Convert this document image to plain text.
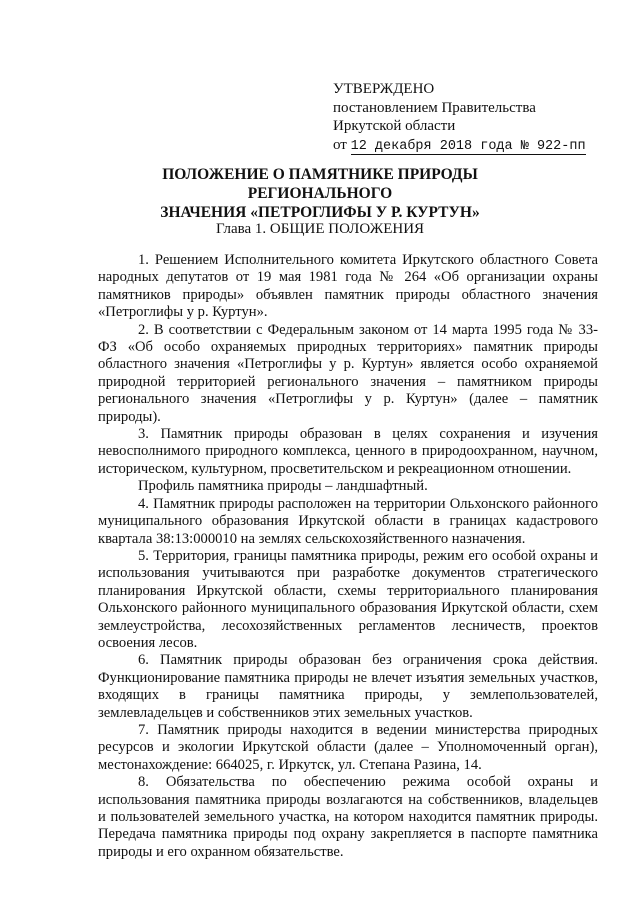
УТВЕРЖДЕНО
постановлением Правительства
Иркутской области
от 12 декабря 2018 года № 922-пп
ПОЛОЖЕНИЕ О ПАМЯТНИКЕ ПРИРОДЫ РЕГИОНАЛЬНОГО
ЗНАЧЕНИЯ «ПЕТРОГЛИФЫ У Р. КУРТУН»
Глава 1. ОБЩИЕ ПОЛОЖЕНИЯ

1. Решением Исполнительного комитета Иркутского областного Совета народных депутатов от 19 мая 1981 года № 264 «Об организации охраны памятников природы» объявлен памятник природы областного значения «Петроглифы у р. Куртун».

2. В соответствии с Федеральным законом от 14 марта 1995 года № 33-ФЗ «Об особо охраняемых природных территориях» памятник природы областного значения «Петроглифы у р. Куртун» является особо охраняемой природной территорией регионального значения – памятником природы регионального значения «Петроглифы у р. Куртун» (далее – памятник природы).

3. Памятник природы образован в целях сохранения и изучения невосполнимого природного комплекса, ценного в природоохранном, научном, историческом, культурном, просветительском и рекреационном отношении.

Профиль памятника природы – ландшафтный.

4. Памятник природы расположен на территории Ольхонского районного муниципального образования Иркутской области в границах кадастрового квартала 38:13:000010 на землях сельскохозяйственного назначения.

5. Территория, границы памятника природы, режим его особой охраны и использования учитываются при разработке документов стратегического планирования Иркутской области, схемы территориального планирования Ольхонского районного муниципального образования Иркутской области, схем землеустройства, лесохозяйственных регламентов лесничеств, проектов освоения лесов.

6. Памятник природы образован без ограничения срока действия. Функционирование памятника природы не влечет изъятия земельных участков, входящих в границы памятника природы, у землепользователей, землевладельцев и собственников этих земельных участков.

7. Памятник природы находится в ведении министерства природных ресурсов и экологии Иркутской области (далее – Уполномоченный орган), местонахождение: 664025, г. Иркутск, ул. Степана Разина, 14.

8. Обязательства по обеспечению режима особой охраны и использования памятника природы возлагаются на собственников, владельцев и пользователей земельного участка, на котором находится памятник природы. Передача памятника природы под охрану закрепляется в паспорте памятника природы и его охранном обязательстве.
